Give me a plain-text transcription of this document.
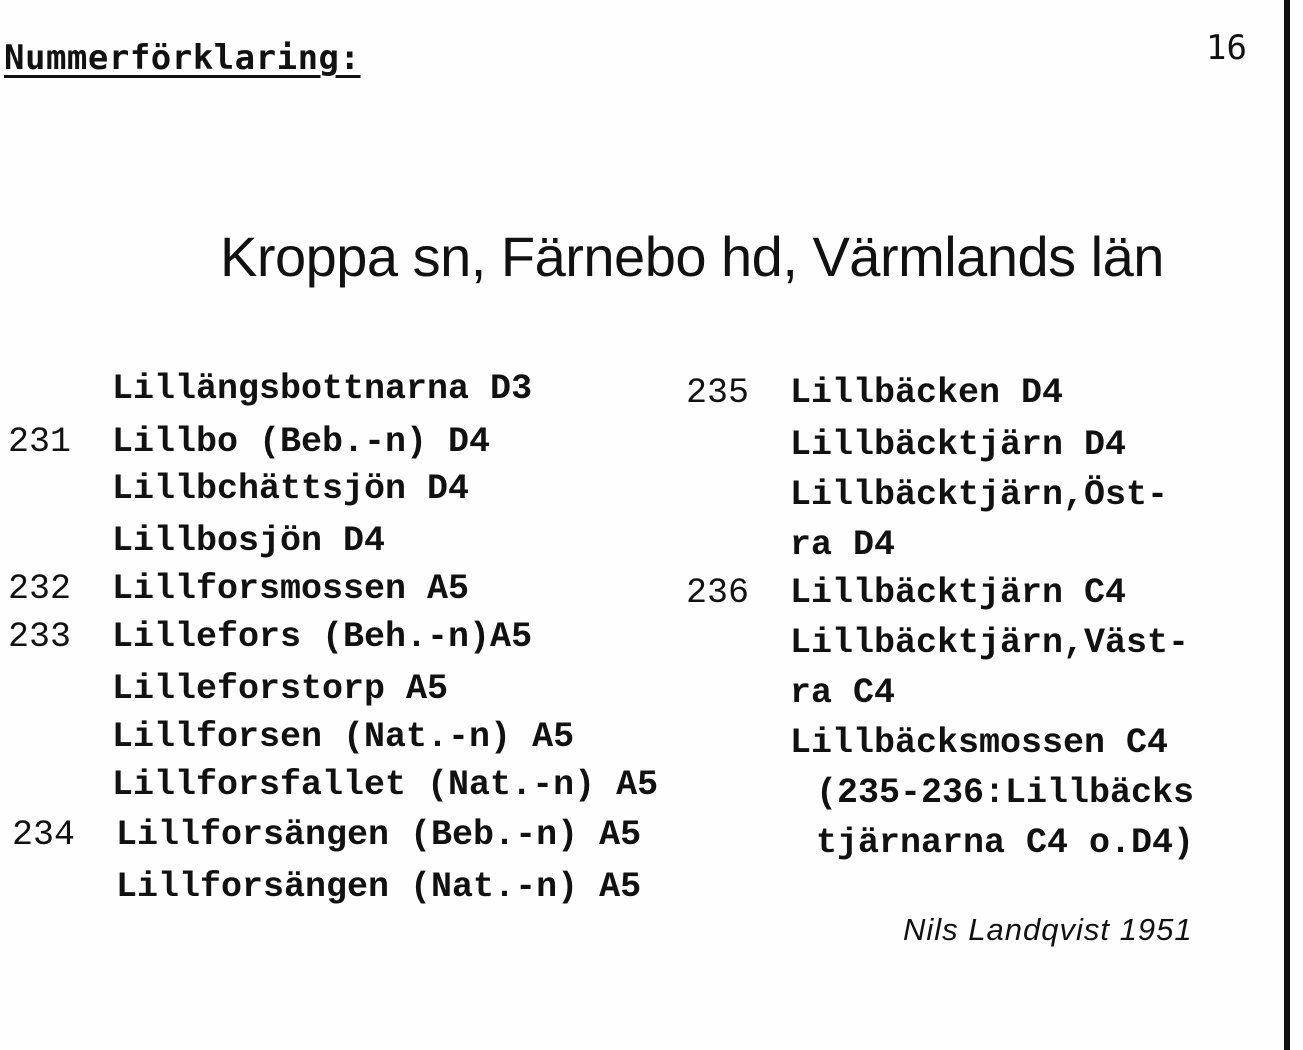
Nummerförklaring:	16
Kroppa sn, Färnebo hd, Värmlands län
231
232
233
234
Lillängsbottnarna D3
Lillbo (Beb.-n) D4
Lillbchättsjön D4
Lillbosjön D4
Lillforsmossen A5
Lillefors (Beh.-n)A5
Lilleforstorp A5
Lillforsen (Nat.-n) A5
Lillforsfallet (Nat.-n) A5
Lillforsängen (Beb.-n) A5
Lillforsängen (Nat.-n) A5
235
236
Lillbäcken D4
Lillbäcktjärn D4
Lillbäcktjärn,Öst-
ra D4
Lillbäcktjärn C4
Lillbäcktjärn,Väst-
ra C4
Lillbäcksmossen C4
(235-236:Lillbäcks
tjärnarna C4 o.D4)
Nils Landqvist 1951
